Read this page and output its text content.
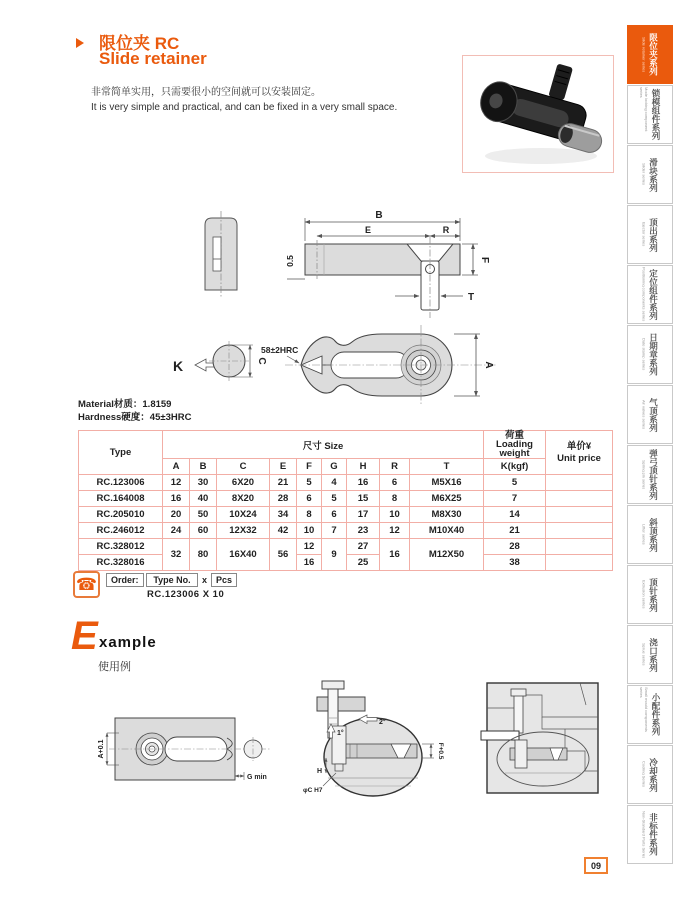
限位夹 RC
Slide retainer
非常简单实用，只需要很小的空间就可以安装固定。
It is very simple and practical, and can be fixed in a very small space.
B
E	R
F
T
0.5
K	C
58±2HRC
A
Material材质：1.8159
Hardness硬度：45±3HRC
Type	尺寸 Size	
荷重
Loading weight

单价¥
Unit price

	A	B	C	E	F	G	H	R	T	K(kgf)	
RC.123006	12	30	6X20	21	5	4	16	6	M5X16	5	
RC.164008	16	40	8X20	28	6	5	15	8	M6X25	7	
RC.205010	20	50	10X24	34	8	6	17	10	M8X30	14	
RC.246012	24	60	12X32	42	10	7	23	12	M10X40	21	
RC.328012	32	80	16X40	56	12	9	27	16	M12X50	28	
RC.328016					16		25			38	
☎	Order:	Type No.	x Pcs
RC.123006 X 10
E xample
使用例
A+0.1
G min
1°
2°
F+0.5
H
φC H7
09
Slide retainer series 限位夹系列
Mode locking component series 锁模组件系列
Slider series 滑块系列
Ejector series 顶出系列
Positioning components series 定位组件系列
Date stamp series 日期章系列
Air valves series 气顶系列
Spring pin series 弹弓顶针系列
Lifter series 斜顶系列
Extrusion series 顶针系列
Sprue series 浇口系列
Small mould components series
小配件系列
Cooling Series 冷却系列
Non-Standard Parts Series 非标件系列
